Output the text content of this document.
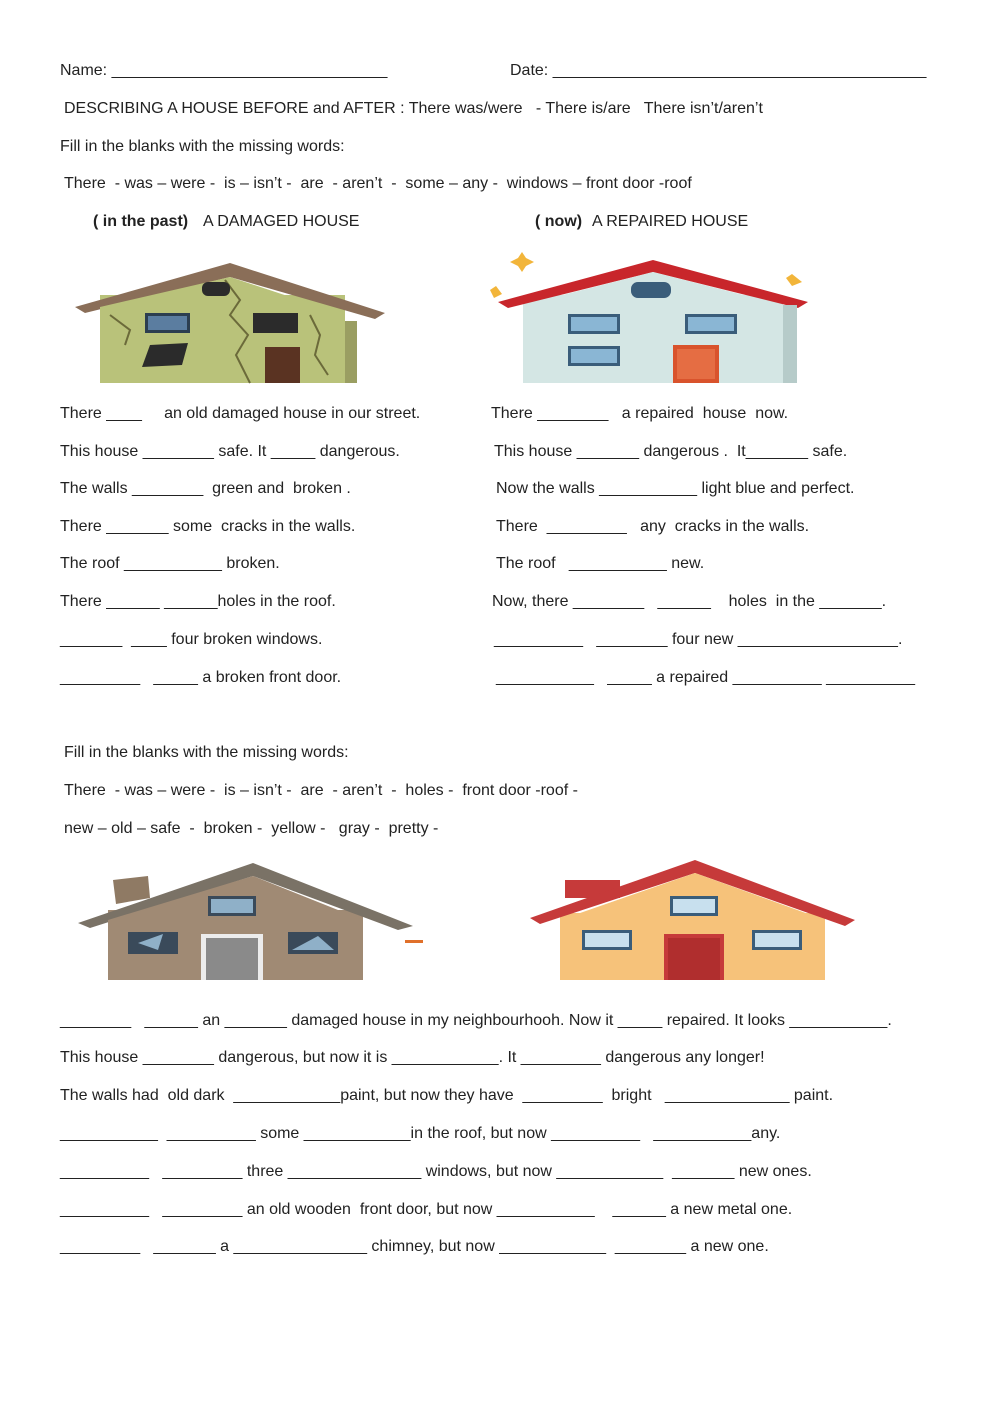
Name: _______________________________	Date: __________________________________________
DESCRIBING A HOUSE BEFORE and AFTER : There was/were   - There is/are   There isn’t/aren’t
Fill in the blanks with the missing words:
There  - was – were -  is – isn’t -  are  - aren’t  -  some – any -  windows – front door -roof
( in the past) A DAMAGED HOUSE	( now) A REPAIRED HOUSE
There ____     an old damaged house in our street.
This house ________ safe. It _____ dangerous.
The walls ________  green and  broken .
There _______ some  cracks in the walls.
The roof ___________ broken.
There ______ ______holes in the roof.
_______  ____ four broken windows.
_________   _____ a broken front door.
There ________   a repaired  house  now.
This house _______ dangerous .  It_______ safe.
Now the walls ___________ light blue and perfect.
There  _________   any  cracks in the walls.
The roof   ___________ new.
Now, there ________   ______    holes  in the _______.
__________   ________ four new __________________.
___________   _____ a repaired __________ __________
Fill in the blanks with the missing words:
There  - was – were -  is – isn’t -  are  - aren’t  -  holes -  front door -roof -
new – old – safe  -  broken -  yellow -   gray -  pretty -
________   ______ an _______ damaged house in my neighbourhooh. Now it _____ repaired. It looks ___________.
This house ________ dangerous, but now it is ____________. It _________ dangerous any longer!
The walls had  old dark  ____________paint, but now they have  _________  bright   ______________ paint.
___________  __________ some ____________in the roof, but now __________   ___________any.
__________   _________ three _______________ windows, but now ____________  _______ new ones.
__________   _________ an old wooden  front door, but now ___________    ______ a new metal one.
_________   _______ a _______________ chimney, but now ____________  ________ a new one.
